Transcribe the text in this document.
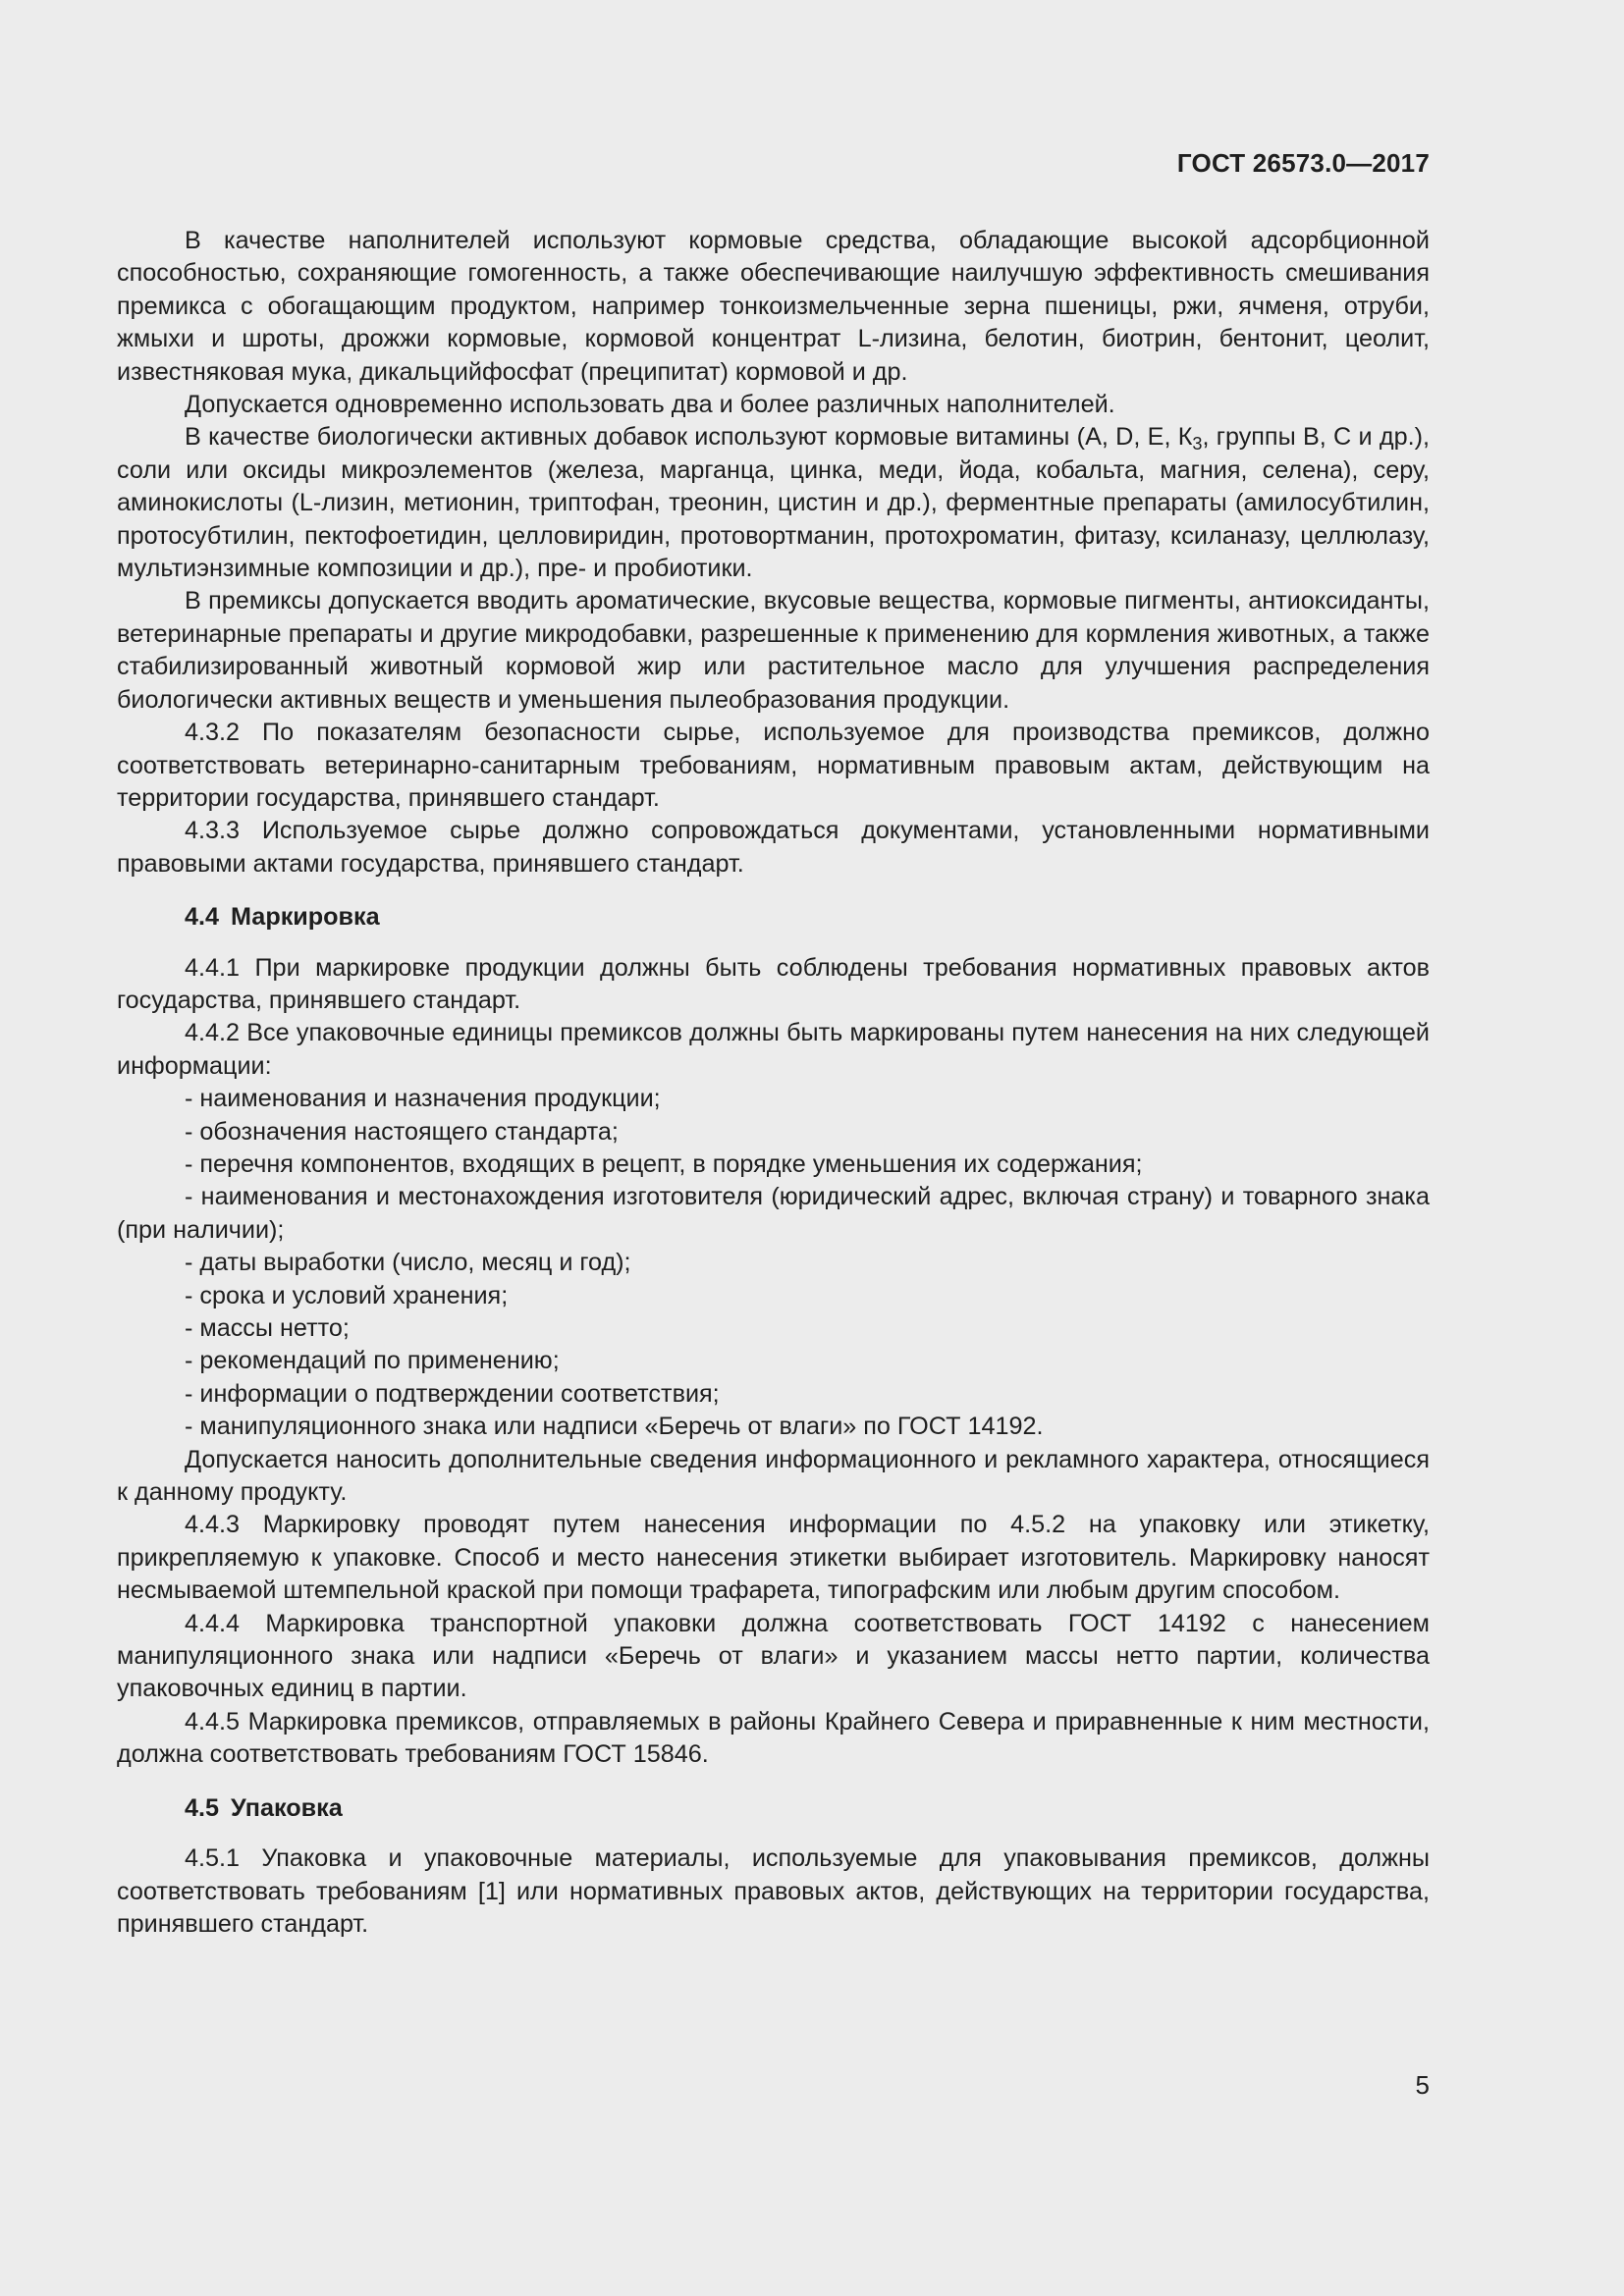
ГОСТ 26573.0—2017

В качестве наполнителей используют кормовые средства, обладающие высокой адсорбционной способностью, сохраняющие гомогенность, а также обеспечивающие наилучшую эффективность смешивания премикса с обогащающим продуктом, например тонкоизмельченные зерна пшеницы, ржи, ячменя, отруби, жмыхи и шроты, дрожжи кормовые, кормовой концентрат L-лизина, белотин, биотрин, бентонит, цеолит, известняковая мука, дикальцийфосфат (преципитат) кормовой и др.

Допускается одновременно использовать два и более различных наполнителей.

В качестве биологически активных добавок используют кормовые витамины (А, D, Е, $К_3$, группы В, С и др.), соли или оксиды микроэлементов (железа, марганца, цинка, меди, йода, кобальта, магния, селена), серу, аминокислоты (L-лизин, метионин, триптофан, треонин, цистин и др.), ферментные препараты (амилосубтилин, протосубтилин, пектофоетидин, целловиридин, протовортманин, протохроматин, фитазу, ксиланазу, целлюлазу, мультиэнзимные композиции и др.), пре- и пробиотики.

В премиксы допускается вводить ароматические, вкусовые вещества, кормовые пигменты, антиоксиданты, ветеринарные препараты и другие микродобавки, разрешенные к применению для кормления животных, а также стабилизированный животный кормовой жир или растительное масло для улучшения распределения биологически активных веществ и уменьшения пылеобразования продукции.

4.3.2 По показателям безопасности сырье, используемое для производства премиксов, должно соответствовать ветеринарно-санитарным требованиям, нормативным правовым актам, действующим на территории государства, принявшего стандарт.

4.3.3 Используемое сырье должно сопровождаться документами, установленными нормативными правовыми актами государства, принявшего стандарт.

4.4 Маркировка

4.4.1 При маркировке продукции должны быть соблюдены требования нормативных правовых актов государства, принявшего стандарт.

4.4.2 Все упаковочные единицы премиксов должны быть маркированы путем нанесения на них следующей информации:

- наименования и назначения продукции;

- обозначения настоящего стандарта;

- перечня компонентов, входящих в рецепт, в порядке уменьшения их содержания;

- наименования и местонахождения изготовителя (юридический адрес, включая страну) и товарного знака (при наличии);

- даты выработки (число, месяц и год);

- срока и условий хранения;

- массы нетто;

- рекомендаций по применению;

- информации о подтверждении соответствия;

- манипуляционного знака или надписи «Беречь от влаги» по ГОСТ 14192.

Допускается наносить дополнительные сведения информационного и рекламного характера, относящиеся к данному продукту.

4.4.3 Маркировку проводят путем нанесения информации по 4.5.2 на упаковку или этикетку, прикрепляемую к упаковке. Способ и место нанесения этикетки выбирает изготовитель. Маркировку наносят несмываемой штемпельной краской при помощи трафарета, типографским или любым другим способом.

4.4.4 Маркировка транспортной упаковки должна соответствовать ГОСТ 14192 с нанесением манипуляционного знака или надписи «Беречь от влаги» и указанием массы нетто партии, количества упаковочных единиц в партии.

4.4.5 Маркировка премиксов, отправляемых в районы Крайнего Севера и приравненные к ним местности, должна соответствовать требованиям ГОСТ 15846.

4.5 Упаковка

4.5.1 Упаковка и упаковочные материалы, используемые для упаковывания премиксов, должны соответствовать требованиям [1] или нормативных правовых актов, действующих на территории государства, принявшего стандарт.

5
